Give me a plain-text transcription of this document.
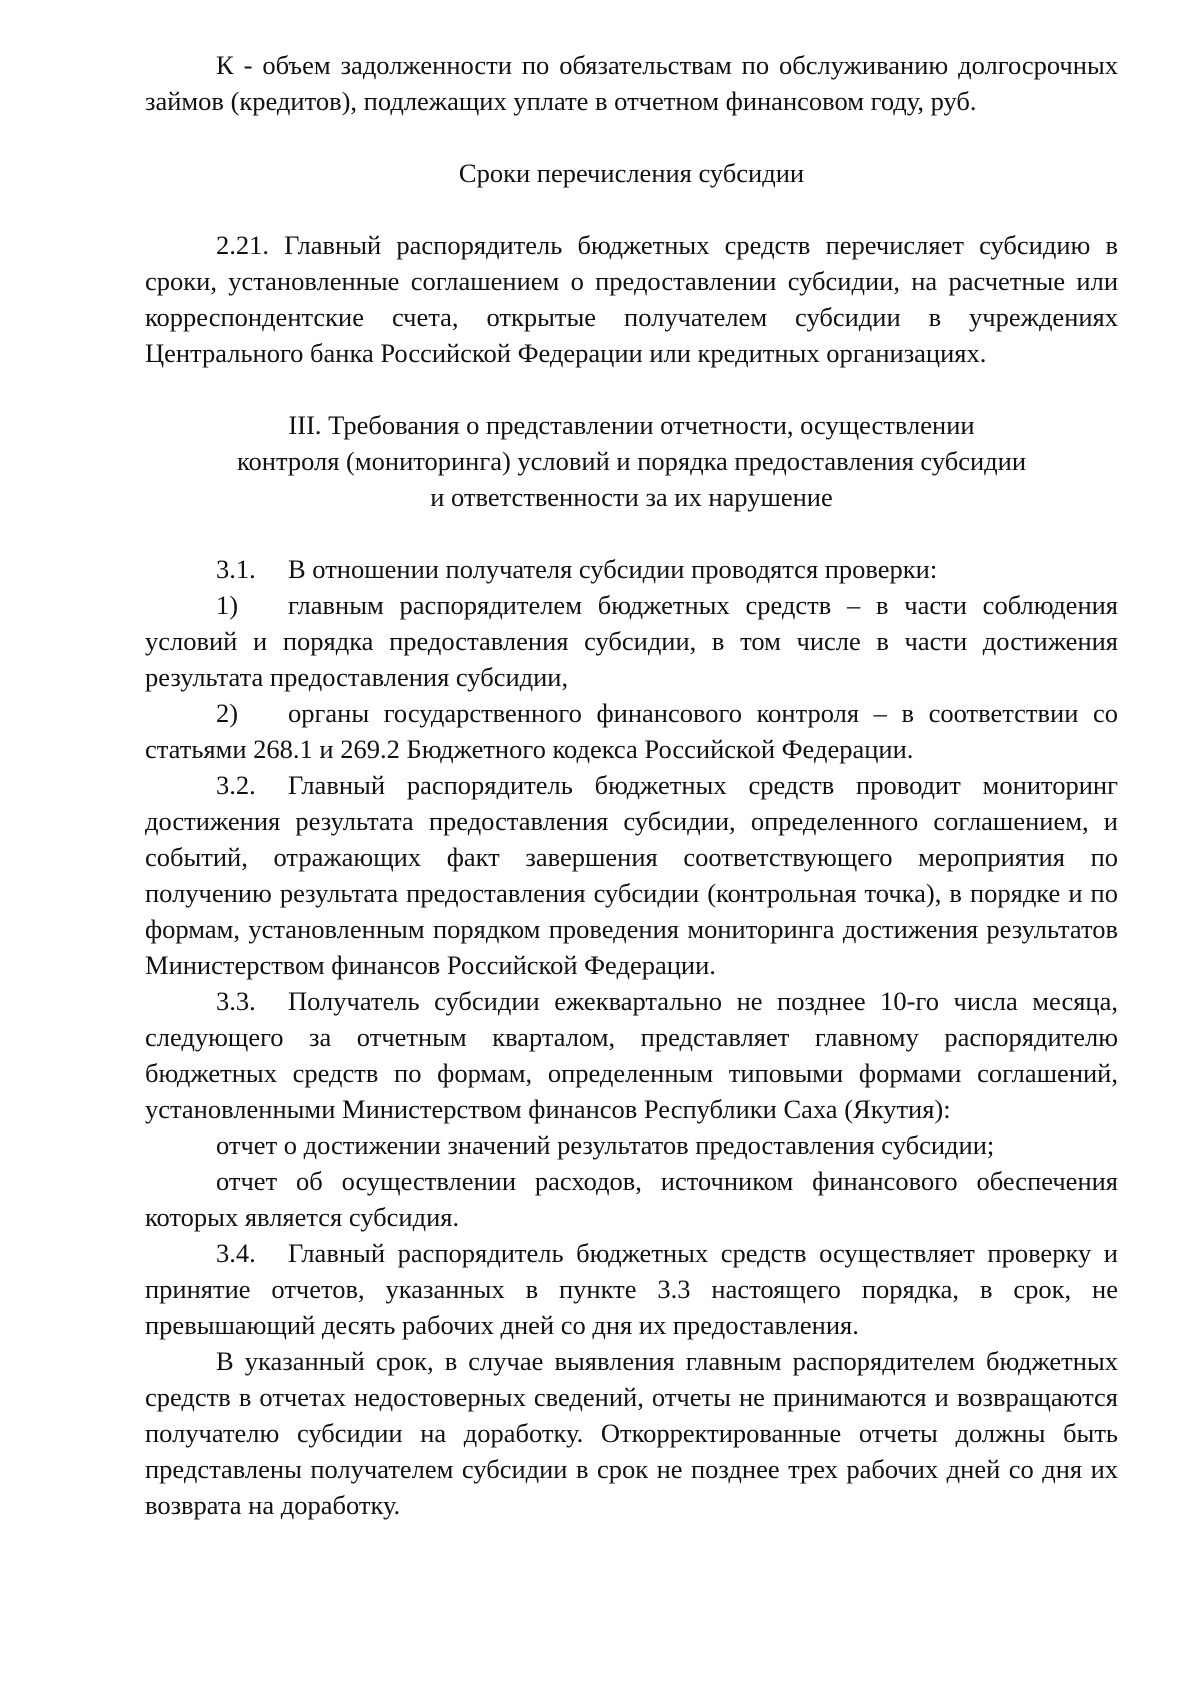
К - объем задолженности по обязательствам по обслуживанию долгосрочных займов (кредитов), подлежащих уплате в отчетном финансовом году, руб.

Сроки перечисления субсидии

2.21. Главный распорядитель бюджетных средств перечисляет субсидию в сроки, установленные соглашением о предоставлении субсидии, на расчетные или корреспондентские счета, открытые получателем субсидии в учреждениях Центрального банка Российской Федерации или кредитных организациях.

III. Требования о представлении отчетности, осуществлении

контроля (мониторинга) условий и порядка предоставления субсидии

и ответственности за их нарушение

3.1. В отношении получателя субсидии проводятся проверки:

1) главным распорядителем бюджетных средств – в части соблюдения условий и порядка предоставления субсидии, в том числе в части достижения результата предоставления субсидии,

2) органы государственного финансового контроля – в соответствии со статьями 268.1 и 269.2 Бюджетного кодекса Российской Федерации.

3.2. Главный распорядитель бюджетных средств проводит мониторинг достижения результата предоставления субсидии, определенного соглашением, и событий, отражающих факт завершения соответствующего мероприятия по получению результата предоставления субсидии (контрольная точка), в порядке и по формам, установленным порядком проведения мониторинга достижения результатов Министерством финансов Российской Федерации.

3.3. Получатель субсидии ежеквартально не позднее 10-го числа месяца, следующего за отчетным кварталом, представляет главному распорядителю бюджетных средств по формам, определенным типовыми формами соглашений, установленными Министерством финансов Республики Саха (Якутия):

отчет о достижении значений результатов предоставления субсидии;

отчет об осуществлении расходов, источником финансового обеспечения которых является субсидия.

3.4. Главный распорядитель бюджетных средств осуществляет проверку и принятие отчетов, указанных в пункте 3.3 настоящего порядка, в срок, не превышающий десять рабочих дней со дня их предоставления.

В указанный срок, в случае выявления главным распорядителем бюджетных средств в отчетах недостоверных сведений, отчеты не принимаются и возвращаются получателю субсидии на доработку. Откорректированные отчеты должны быть представлены получателем субсидии в срок не позднее трех рабочих дней со дня их возврата на доработку.
